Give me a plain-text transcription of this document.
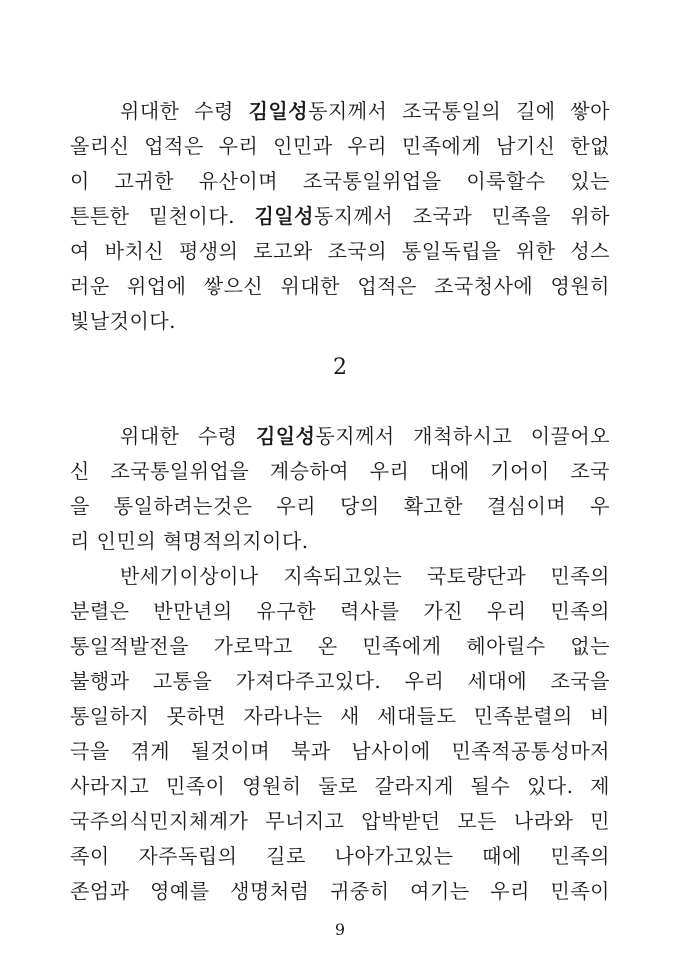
위대한 수령 김일성동지께서 조국통일의 길에 쌓아
올리신 업적은 우리 인민과 우리 민족에게 남기신 한없
이 고귀한 유산이며 조국통일위업을 이룩할수 있는
튼튼한 밑천이다. 김일성동지께서 조국과 민족을 위하
여 바치신 평생의 로고와 조국의 통일독립을 위한 성스
러운 위업에 쌓으신 위대한 업적은 조국청사에 영원히
빛날것이다.
2
위대한 수령 김일성동지께서 개척하시고 이끌어오
신 조국통일위업을 계승하여 우리 대에 기어이 조국
을 통일하려는것은 우리 당의 확고한 결심이며 우
리 인민의 혁명적의지이다.
반세기이상이나 지속되고있는 국토량단과 민족의
분렬은 반만년의 유구한 력사를 가진 우리 민족의
통일적발전을 가로막고 온 민족에게 헤아릴수 없는
불행과 고통을 가져다주고있다. 우리 세대에 조국을
통일하지 못하면 자라나는 새 세대들도 민족분렬의 비
극을 겪게 될것이며 북과 남사이에 민족적공통성마저
사라지고 민족이 영원히 둘로 갈라지게 될수 있다. 제
국주의식민지체계가 무너지고 압박받던 모든 나라와 민
족이 자주독립의 길로 나아가고있는 때에 민족의
존엄과 영예를 생명처럼 귀중히 여기는 우리 민족이
9
